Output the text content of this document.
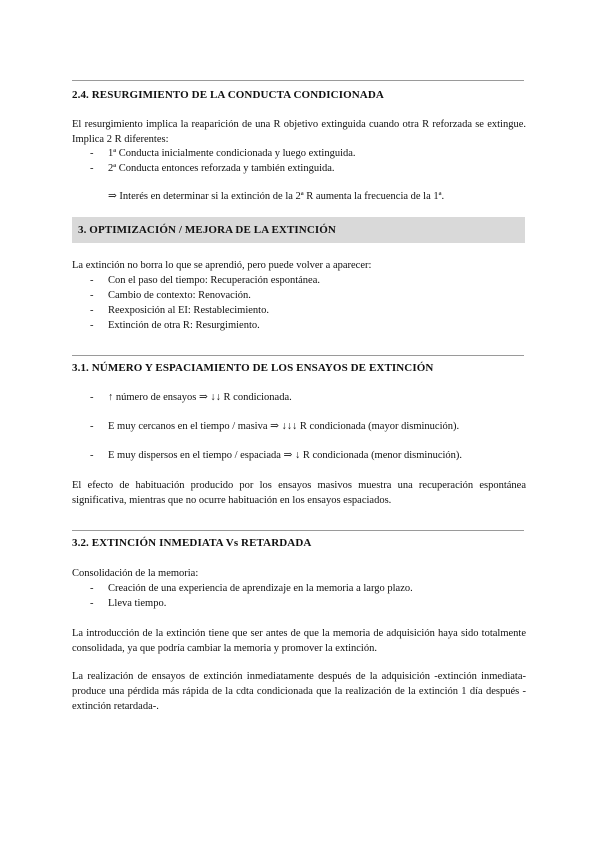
2.4. RESURGIMIENTO DE LA CONDUCTA CONDICIONADA
El resurgimiento implica la reaparición de una R objetivo extinguida cuando otra R reforzada se extingue. Implica 2 R diferentes:
- 1ª Conducta inicialmente condicionada y luego extinguida.
- 2ª Conducta entonces reforzada y también extinguida.
⇒ Interés en determinar si la extinción de la 2ª R aumenta la frecuencia de la 1ª.
3. OPTIMIZACIÓN / MEJORA DE LA EXTINCIÓN
La extinción no borra lo que se aprendió, pero puede volver a aparecer:
- Con el paso del tiempo: Recuperación espontánea.
- Cambio de contexto: Renovación.
- Reexposición al EI: Restablecimiento.
- Extinción de otra R: Resurgimiento.
3.1. NÚMERO Y ESPACIAMIENTO DE LOS ENSAYOS DE EXTINCIÓN
- ↑ número de ensayos ⇒ ↓↓ R condicionada.
- E muy cercanos en el tiempo / masiva ⇒ ↓↓↓ R condicionada (mayor disminución).
- E muy dispersos en el tiempo / espaciada ⇒ ↓ R condicionada (menor disminución).
El efecto de habituación producido por los ensayos masivos muestra una recuperación espontánea significativa, mientras que no ocurre habituación en los ensayos espaciados.
3.2. EXTINCIÓN INMEDIATA Vs RETARDADA
Consolidación de la memoria:
- Creación de una experiencia de aprendizaje en la memoria a largo plazo.
- Lleva tiempo.
La introducción de la extinción tiene que ser antes de que la memoria de adquisición haya sido totalmente consolidada, ya que podría cambiar la memoria y promover la extinción.
La realización de ensayos de extinción inmediatamente después de la adquisición -extinción inmediata- produce una pérdida más rápida de la cdta condicionada que la realización de la extinción 1 día después -extinción retardada-.
